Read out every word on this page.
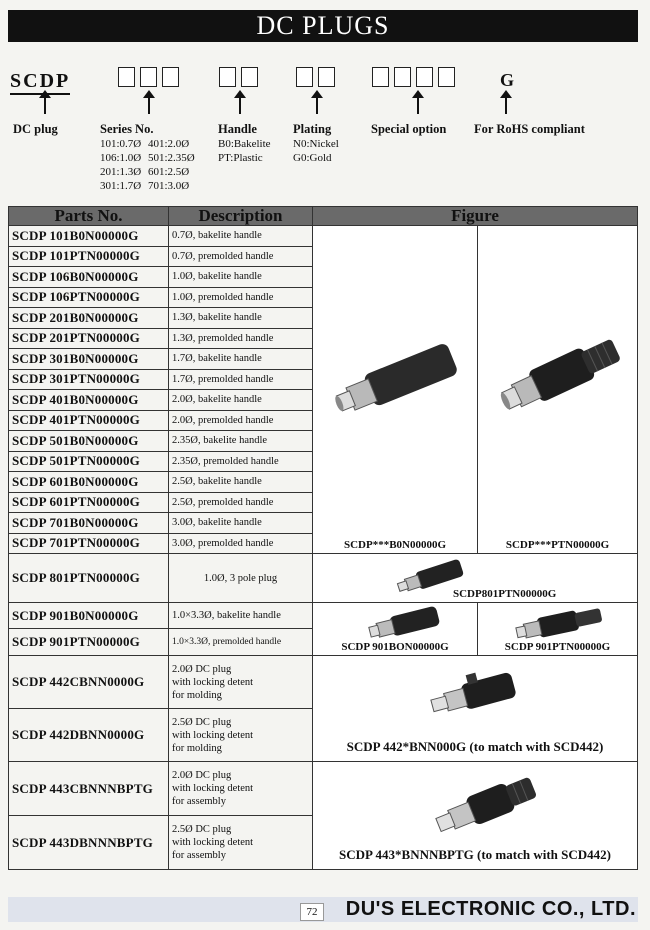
DC PLUGS
SCDP	G
DC plug	Series No.
101:0.7Ø 401:2.0Ø
106:1.0Ø 501:2.35Ø
201:1.3Ø 601:2.5Ø
301:1.7Ø 701:3.0Ø
Handle
B0:Bakelite
PT:Plastic
Plating
N0:Nickel
G0:Gold
Special option For RoHS compliant
Parts No.	Description	Figure	
SCDP 101B0N00000G	0.7Ø, bakelite handle	SCDP***B0N00000G	SCDP***PTN00000G

SCDP 101PTN00000G	0.7Ø, premolded handle		
SCDP 106B0N00000G	1.0Ø, bakelite handle		
SCDP 106PTN00000G	1.0Ø, premolded handle		
SCDP 201B0N00000G	1.3Ø, bakelite handle		
SCDP 201PTN00000G	1.3Ø, premolded handle		
SCDP 301B0N00000G	1.7Ø, bakelite handle		
SCDP 301PTN00000G	1.7Ø, premolded handle		
SCDP 401B0N00000G	2.0Ø, bakelite handle		
SCDP 401PTN00000G	2.0Ø, premolded handle		
SCDP 501B0N00000G	2.35Ø, bakelite handle		
SCDP 501PTN00000G	2.35Ø, premolded handle		
SCDP 601B0N00000G	2.5Ø, bakelite handle		
SCDP 601PTN00000G	2.5Ø, premolded handle		
SCDP 701B0N00000G	3.0Ø, bakelite handle		
SCDP 701PTN00000G	3.0Ø, premolded handle		
SCDP 801PTN00000G	1.0Ø, 3 pole plug	SCDP801PTN00000G	

SCDP 901B0N00000G	1.0×3.3Ø, bakelite handle	SCDP 901BON00000G	SCDP 901PTN00000G

SCDP 901PTN00000G	1.0×3.3Ø, premolded handle		
SCDP 442CBNN0000G	2.0Ø DC plug
with locking detent
for molding	SCDP 442*BNN000G (to match with SCD442)	

SCDP 442DBNN0000G	2.5Ø DC plug
with locking detent
for molding		

SCDP 443CBNNNBPTG	2.0Ø DC plug
with locking detent
for assembly	SCDP 443*BNNNBPTG (to match with SCD442)	

SCDP 443DBNNNBPTG	2.5Ø DC plug
with locking detent
for assembly		
72	DU'S ELECTRONIC CO., LTD.
